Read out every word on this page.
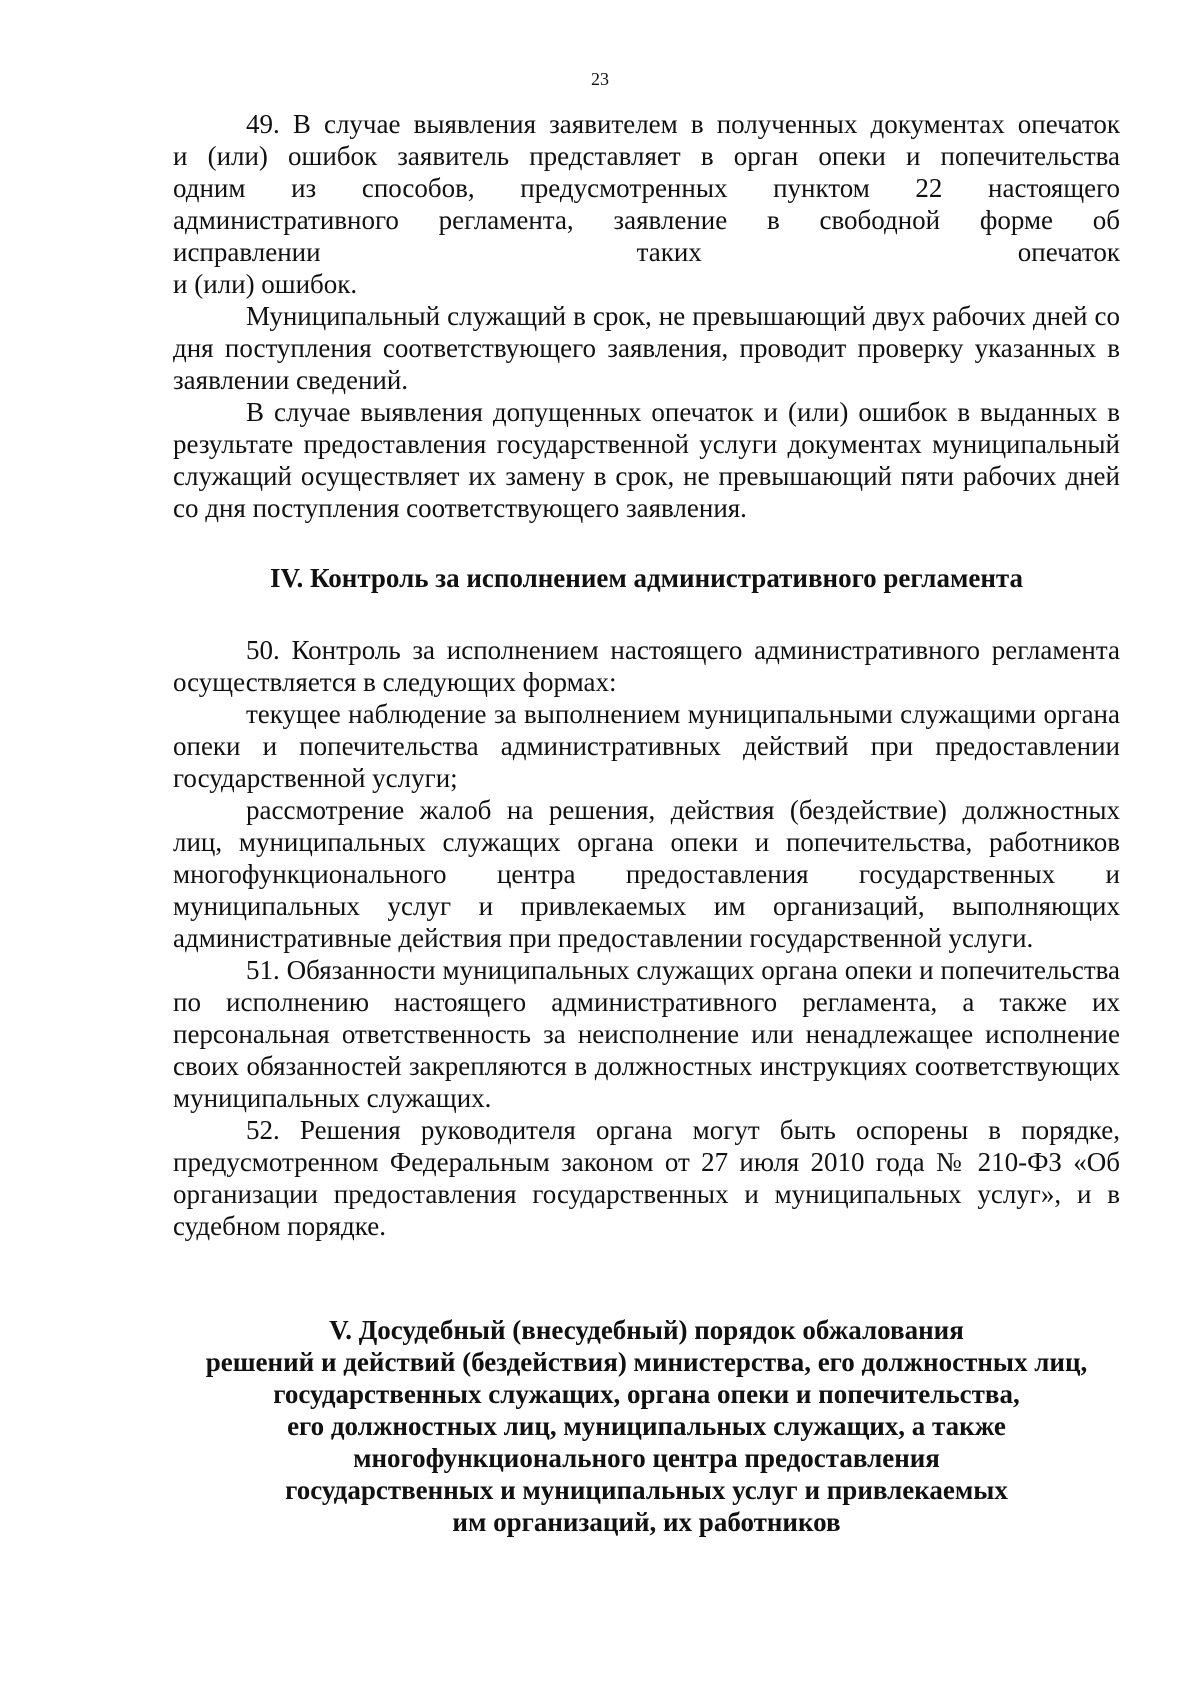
23

49. В случае выявления заявителем в полученных документах опечаток
и (или) ошибок заявитель представляет в орган опеки и попечительства
одним из способов, предусмотренных пунктом 22 настоящего
административного регламента, заявление в свободной форме об
исправлении таких опечаток
и (или) ошибок.

Муниципальный служащий в срок, не превышающий двух рабочих дней со дня поступления соответствующего заявления, проводит проверку указанных в заявлении сведений.

В случае выявления допущенных опечаток и (или) ошибок в выданных в результате предоставления государственной услуги документах муниципальный служащий осуществляет их замену в срок, не превышающий пяти рабочих дней со дня поступления соответствующего заявления.

IV. Контроль за исполнением административного регламента

50. Контроль за исполнением настоящего административного регламента осуществляется в следующих формах:

текущее наблюдение за выполнением муниципальными служащими органа опеки и попечительства административных действий при предоставлении государственной услуги;

рассмотрение жалоб на решения, действия (бездействие) должностных лиц, муниципальных служащих органа опеки и попечительства, работников многофункционального центра предоставления государственных и муниципальных услуг и привлекаемых им организаций, выполняющих административные действия при предоставлении государственной услуги.

51. Обязанности муниципальных служащих органа опеки и попечительства по исполнению настоящего административного регламента, а также их персональная ответственность за неисполнение или ненадлежащее исполнение своих обязанностей закрепляются в должностных инструкциях соответствующих муниципальных служащих.

52. Решения руководителя органа могут быть оспорены в порядке, предусмотренном Федеральным законом от 27 июля 2010 года № 210-ФЗ «Об организации предоставления государственных и муниципальных услуг», и в судебном порядке.

V. Досудебный (внесудебный) порядок обжалования
решений и действий (бездействия) министерства, его должностных лиц,
государственных служащих, органа опеки и попечительства,
его должностных лиц, муниципальных служащих, а также
многофункционального центра предоставления
государственных и муниципальных услуг и привлекаемых
им организаций, их работников
